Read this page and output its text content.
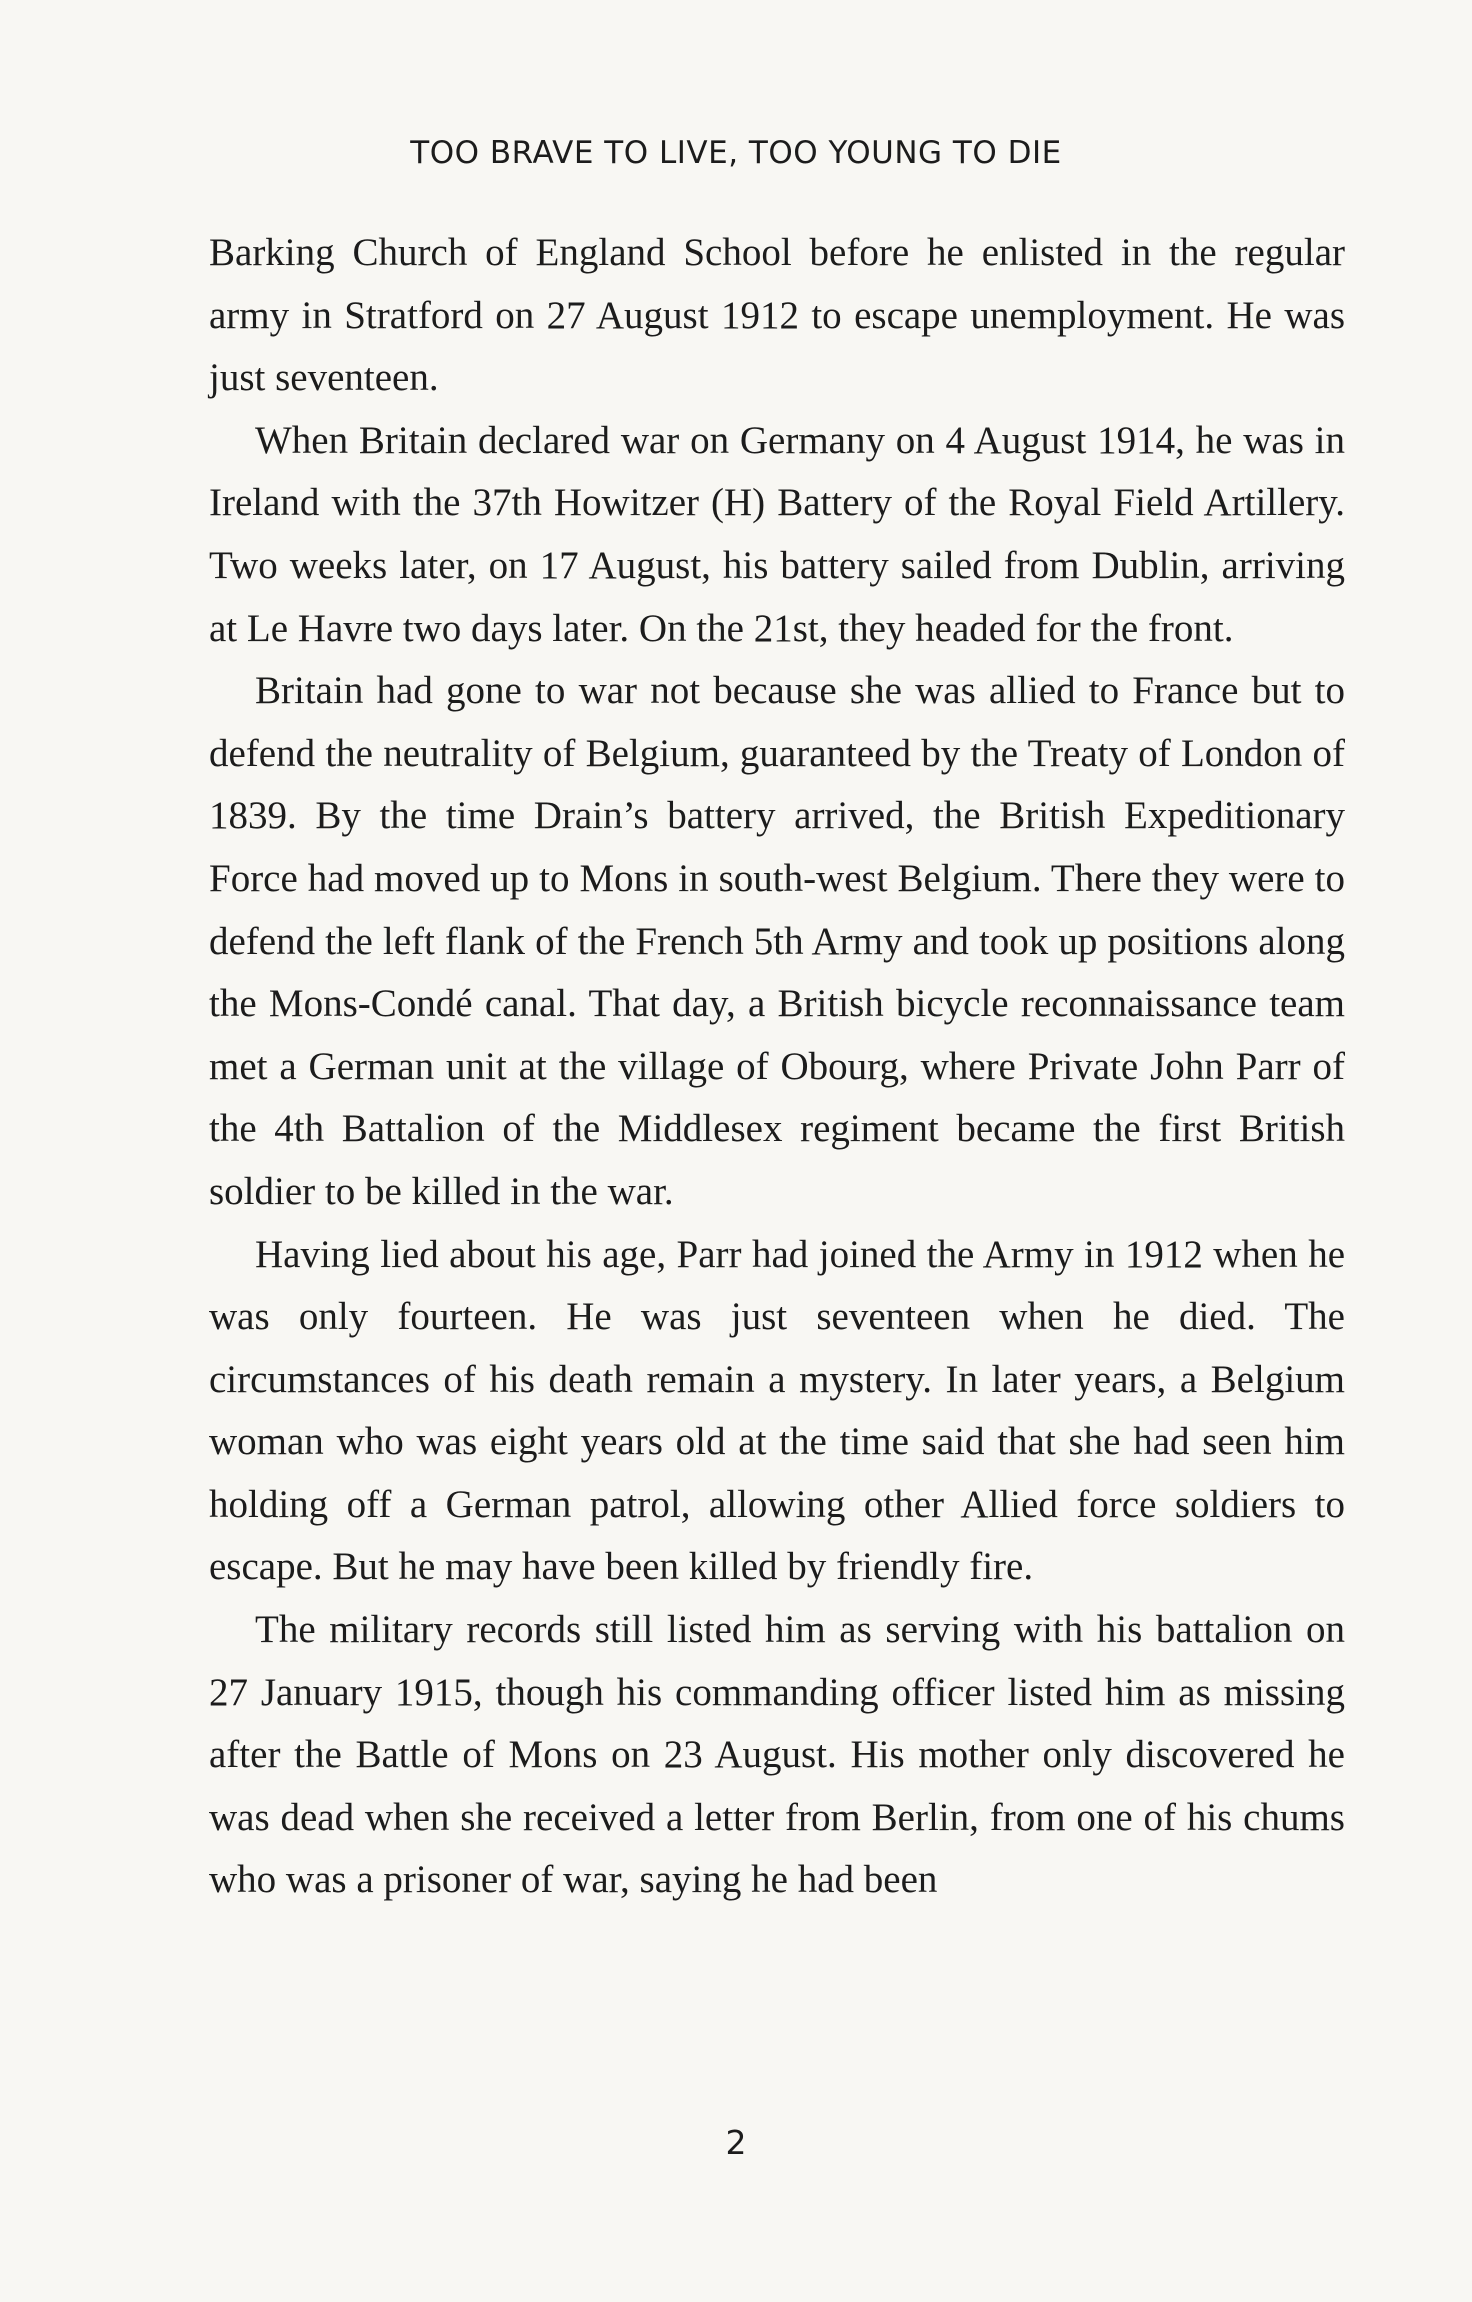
TOO BRAVE TO LIVE, TOO YOUNG TO DIE

Barking Church of England School before he enlisted in the regular army in Stratford on 27 August 1912 to escape unemployment. He was just seventeen.

When Britain declared war on Germany on 4 August 1914, he was in Ireland with the 37th Howitzer (H) Battery of the Royal Field Artillery. Two weeks later, on 17 August, his battery sailed from Dublin, arriving at Le Havre two days later. On the 21st, they headed for the front.

Britain had gone to war not because she was allied to France but to defend the neutrality of Belgium, guaranteed by the Treaty of London of 1839. By the time Drain’s battery arrived, the British Expeditionary Force had moved up to Mons in south-west Belgium. There they were to defend the left flank of the French 5th Army and took up positions along the Mons-Condé canal. That day, a British bicycle reconnaissance team met a German unit at the village of Obourg, where Private John Parr of the 4th Battalion of the Middlesex regiment became the first British soldier to be killed in the war.

Having lied about his age, Parr had joined the Army in 1912 when he was only fourteen. He was just seventeen when he died. The circumstances of his death remain a mystery. In later years, a Belgium woman who was eight years old at the time said that she had seen him holding off a German patrol, allowing other Allied force soldiers to escape. But he may have been killed by friendly fire.

The military records still listed him as serving with his battalion on 27 January 1915, though his commanding officer listed him as missing after the Battle of Mons on 23 August. His mother only discovered he was dead when she received a letter from Berlin, from one of his chums who was a prisoner of war, saying he had been

2
